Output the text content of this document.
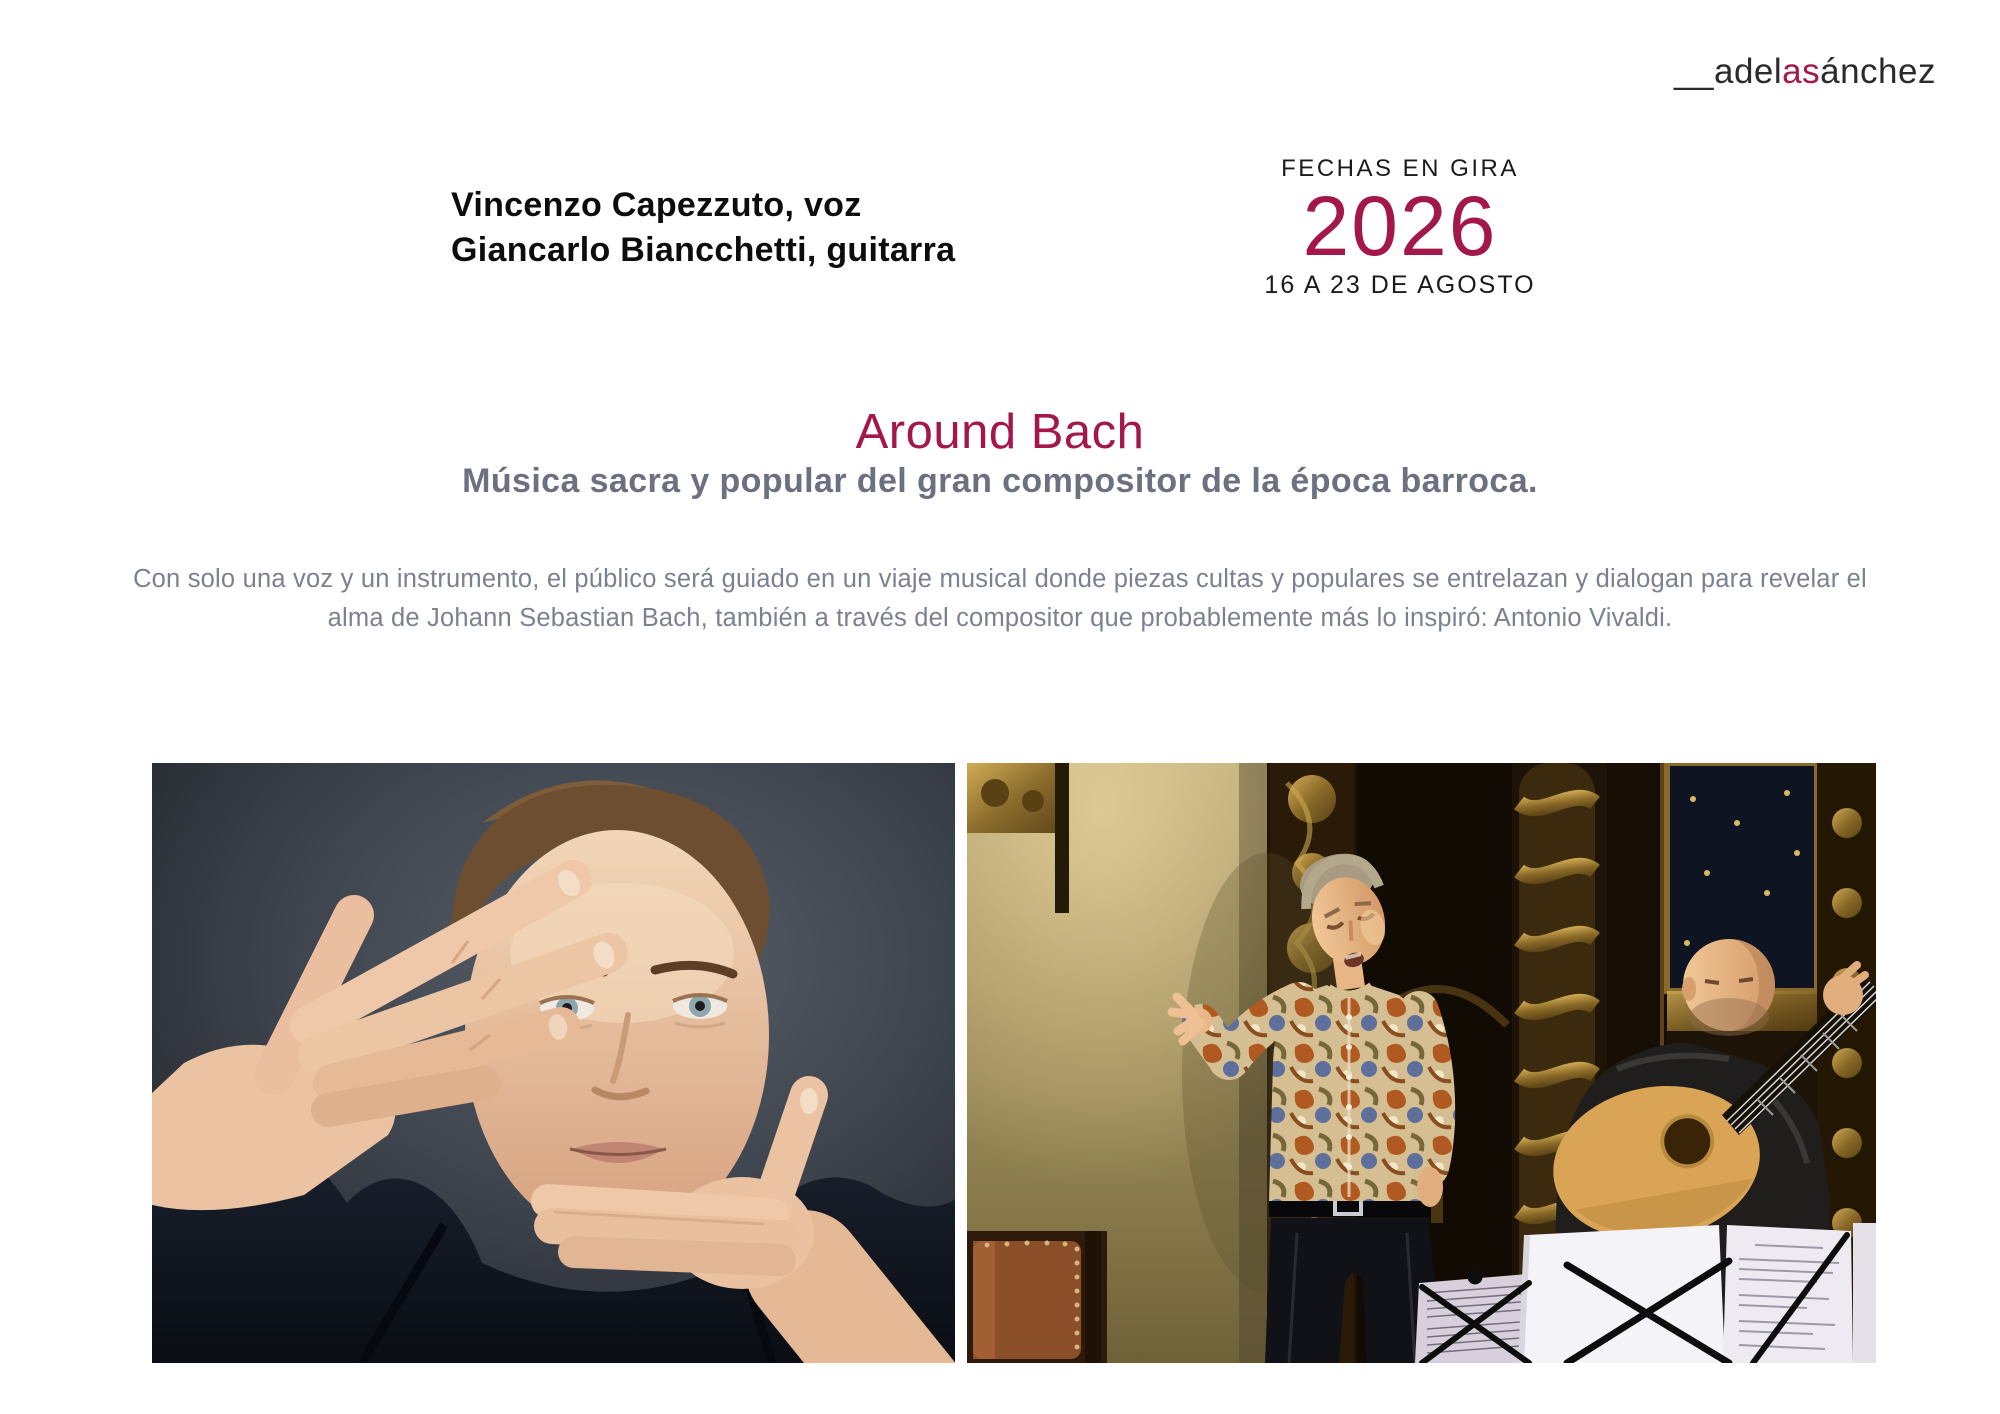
__adelasánchez
Vincenzo Capezzuto, voz
Giancarlo Biancchetti, guitarra
FECHAS EN GIRA
2026
16 A 23 DE AGOSTO
Around Bach
Música sacra y popular del gran compositor de la época barroca.
Con solo una voz y un instrumento, el público será guiado en un viaje musical donde piezas cultas y populares se entrelazan y dialogan para revelar el alma de Johann Sebastian Bach, también a través del compositor que probablemente más lo inspiró: Antonio Vivaldi.
